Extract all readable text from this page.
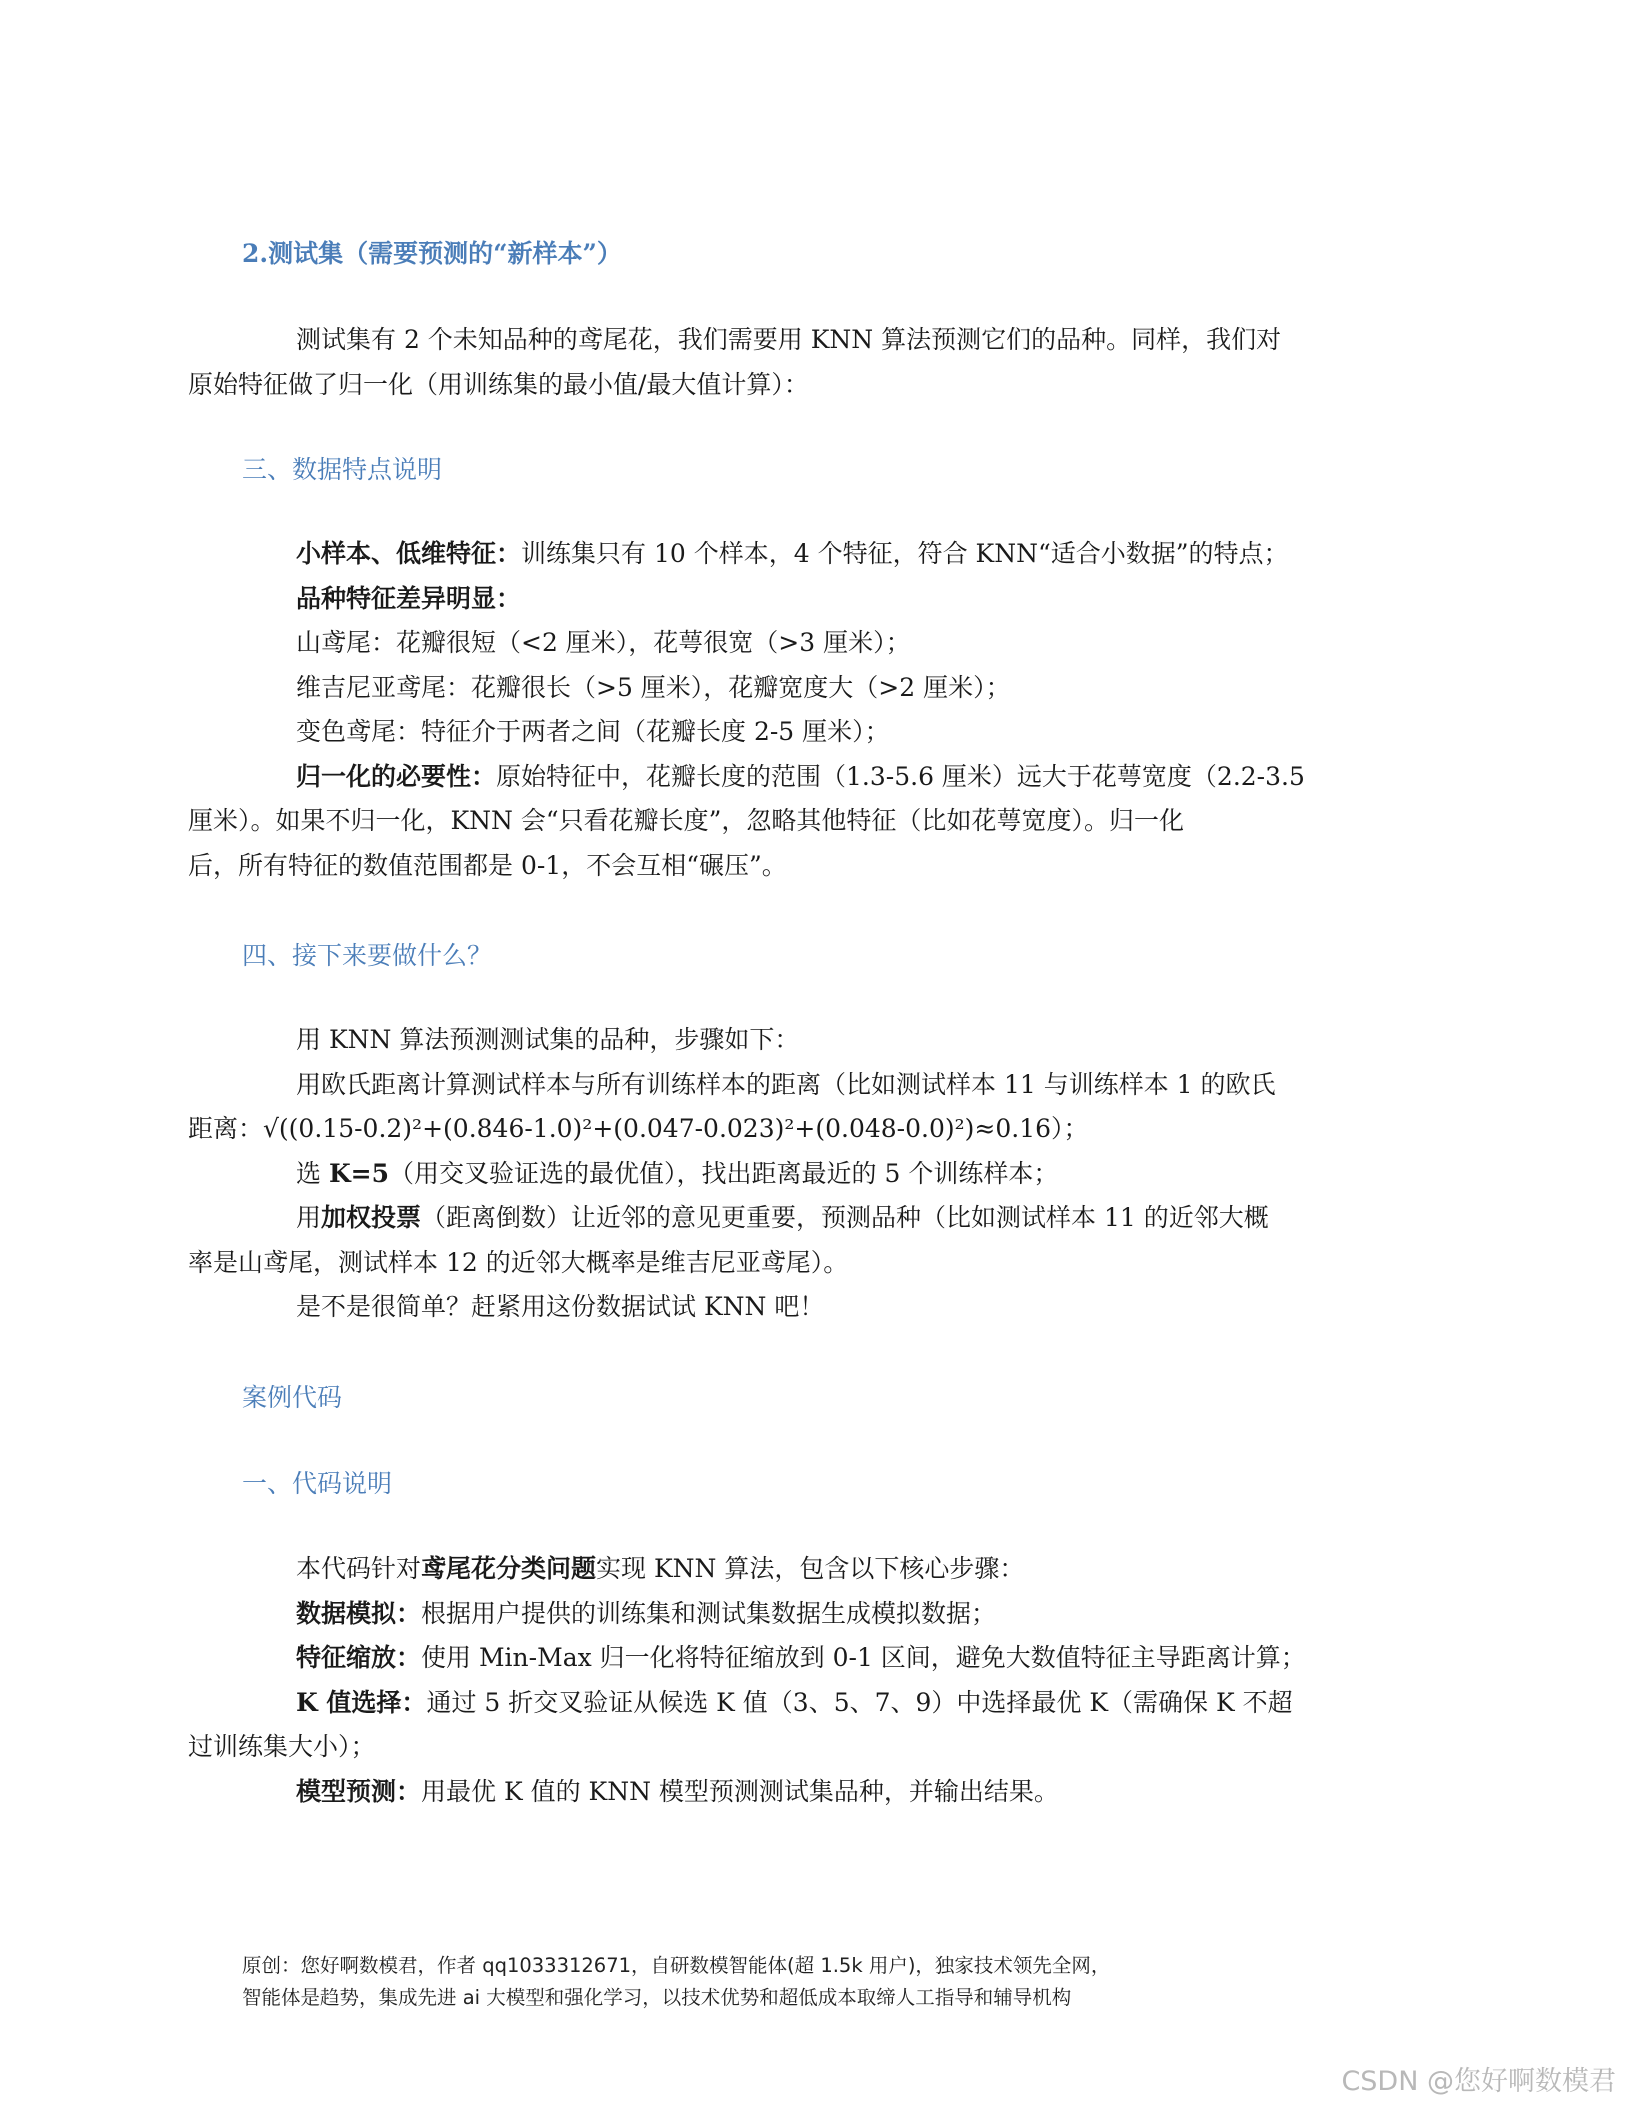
2.测试集（需要预测的“新样本”）

测试集有 2 个未知品种的鸢尾花，我们需要用 KNN 算法预测它们的品种。同样，我们对

原始特征做了归一化（用训练集的最小值/最大值计算）：

三、数据特点说明

小样本、低维特征：训练集只有 10 个样本，4 个特征，符合 KNN“适合小数据”的特点；

品种特征差异明显：

山鸢尾：花瓣很短（<2 厘米），花萼很宽（>3 厘米）；

维吉尼亚鸢尾：花瓣很长（>5 厘米），花瓣宽度大（>2 厘米）；

变色鸢尾：特征介于两者之间（花瓣长度 2-5 厘米）；

归一化的必要性：原始特征中，花瓣长度的范围（1.3-5.6 厘米）远大于花萼宽度（2.2-3.5

厘米）。如果不归一化，KNN 会“只看花瓣长度”，忽略其他特征（比如花萼宽度）。归一化

后，所有特征的数值范围都是 0-1，不会互相“碾压”。

四、接下来要做什么？

用 KNN 算法预测测试集的品种，步骤如下：

用欧氏距离计算测试样本与所有训练样本的距离（比如测试样本 11 与训练样本 1 的欧氏

距离：√((0.15-0.2)²+(0.846-1.0)²+(0.047-0.023)²+(0.048-0.0)²)≈0.16）；

选 K=5（用交叉验证选的最优值），找出距离最近的 5 个训练样本；

用加权投票（距离倒数）让近邻的意见更重要，预测品种（比如测试样本 11 的近邻大概

率是山鸢尾，测试样本 12 的近邻大概率是维吉尼亚鸢尾）。

是不是很简单？赶紧用这份数据试试 KNN 吧！

案例代码
一、代码说明

本代码针对鸢尾花分类问题实现 KNN 算法，包含以下核心步骤：

数据模拟：根据用户提供的训练集和测试集数据生成模拟数据；

特征缩放：使用 Min-Max 归一化将特征缩放到 0-1 区间，避免大数值特征主导距离计算；

K 值选择：通过 5 折交叉验证从候选 K 值（3、5、7、9）中选择最优 K（需确保 K 不超

过训练集大小）；

模型预测：用最优 K 值的 KNN 模型预测测试集品种，并输出结果。

原创：您好啊数模君，作者 qq1033312671，自研数模智能体(超 1.5k 用户)，独家技术领先全网，
智能体是趋势，集成先进 ai 大模型和强化学习，以技术优势和超低成本取缔人工指导和辅导机构
CSDN @您好啊数模君
